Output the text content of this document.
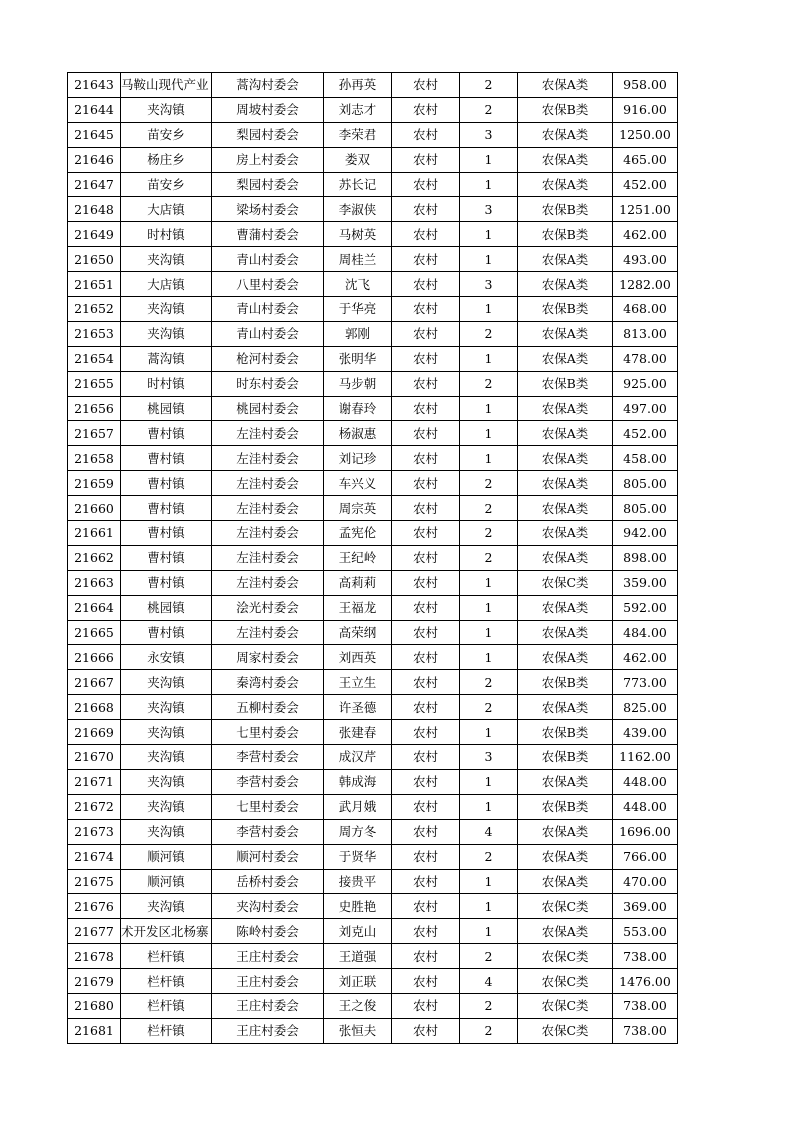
21643	马鞍山现代产业	蒿沟村委会	孙再英	农村	2	农保A类	958.00
21644	夹沟镇	周坡村委会	刘志才	农村	2	农保B类	916.00
21645	苗安乡	梨园村委会	李荣君	农村	3	农保A类	1250.00
21646	杨庄乡	房上村委会	娄双	农村	1	农保A类	465.00
21647	苗安乡	梨园村委会	苏长记	农村	1	农保A类	452.00
21648	大店镇	梁场村委会	李淑侠	农村	3	农保B类	1251.00
21649	时村镇	曹蒲村委会	马树英	农村	1	农保B类	462.00
21650	夹沟镇	青山村委会	周桂兰	农村	1	农保A类	493.00
21651	大店镇	八里村委会	沈飞	农村	3	农保A类	1282.00
21652	夹沟镇	青山村委会	于华亮	农村	1	农保B类	468.00
21653	夹沟镇	青山村委会	郭刚	农村	2	农保A类	813.00
21654	蒿沟镇	枪河村委会	张明华	农村	1	农保A类	478.00
21655	时村镇	时东村委会	马步朝	农村	2	农保B类	925.00
21656	桃园镇	桃园村委会	谢春玲	农村	1	农保A类	497.00
21657	曹村镇	左洼村委会	杨淑惠	农村	1	农保A类	452.00
21658	曹村镇	左洼村委会	刘记珍	农村	1	农保A类	458.00
21659	曹村镇	左洼村委会	车兴义	农村	2	农保A类	805.00
21660	曹村镇	左洼村委会	周宗英	农村	2	农保A类	805.00
21661	曹村镇	左洼村委会	孟宪伦	农村	2	农保A类	942.00
21662	曹村镇	左洼村委会	王纪岭	农村	2	农保A类	898.00
21663	曹村镇	左洼村委会	高莉莉	农村	1	农保C类	359.00
21664	桃园镇	浍光村委会	王福龙	农村	1	农保A类	592.00
21665	曹村镇	左洼村委会	高荣纲	农村	1	农保A类	484.00
21666	永安镇	周家村委会	刘西英	农村	1	农保A类	462.00
21667	夹沟镇	秦湾村委会	王立生	农村	2	农保B类	773.00
21668	夹沟镇	五柳村委会	许圣德	农村	2	农保A类	825.00
21669	夹沟镇	七里村委会	张建春	农村	1	农保B类	439.00
21670	夹沟镇	李营村委会	成汉芹	农村	3	农保B类	1162.00
21671	夹沟镇	李营村委会	韩成海	农村	1	农保A类	448.00
21672	夹沟镇	七里村委会	武月娥	农村	1	农保B类	448.00
21673	夹沟镇	李营村委会	周方冬	农村	4	农保A类	1696.00
21674	顺河镇	顺河村委会	于贤华	农村	2	农保A类	766.00
21675	顺河镇	岳桥村委会	接贵平	农村	1	农保A类	470.00
21676	夹沟镇	夹沟村委会	史胜艳	农村	1	农保C类	369.00
21677	术开发区北杨寨	陈岭村委会	刘克山	农村	1	农保A类	553.00
21678	栏杆镇	王庄村委会	王道强	农村	2	农保C类	738.00
21679	栏杆镇	王庄村委会	刘正联	农村	4	农保C类	1476.00
21680	栏杆镇	王庄村委会	王之俊	农村	2	农保C类	738.00
21681	栏杆镇	王庄村委会	张恒夫	农村	2	农保C类	738.00
